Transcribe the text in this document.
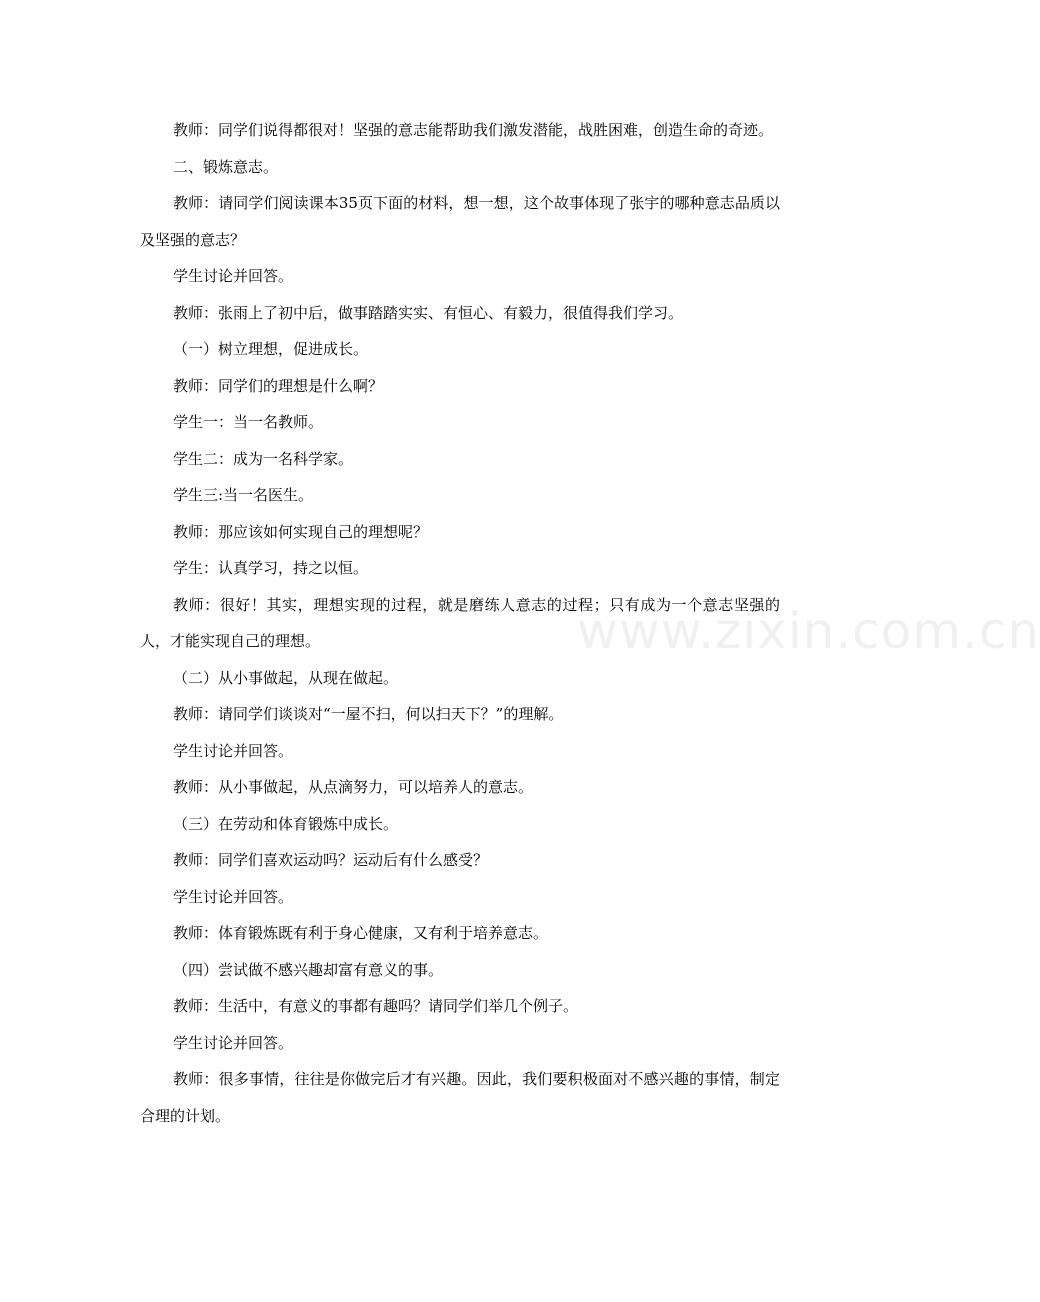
教师：同学们说得都很对！坚强的意志能帮助我们激发潜能，战胜困难，创造生命的奇迹。

二、锻炼意志。

教师：请同学们阅读课本35页下面的材料，想一想，这个故事体现了张宇的哪种意志品质以及坚强的意志？

学生讨论并回答。

教师：张雨上了初中后，做事踏踏实实、有恒心、有毅力，很值得我们学习。

（一）树立理想，促进成长。

教师：同学们的理想是什么啊？

学生一：当一名教师。

学生二：成为一名科学家。

学生三:当一名医生。

教师：那应该如何实现自己的理想呢？

学生：认真学习，持之以恒。

教师：很好！其实，理想实现的过程，就是磨练人意志的过程；只有成为一个意志坚强的人，才能实现自己的理想。

（二）从小事做起，从现在做起。

教师：请同学们谈谈对“一屋不扫，何以扫天下？”的理解。

学生讨论并回答。

教师：从小事做起，从点滴努力，可以培养人的意志。

（三）在劳动和体育锻炼中成长。

教师：同学们喜欢运动吗？运动后有什么感受？

学生讨论并回答。

教师：体育锻炼既有利于身心健康，又有利于培养意志。

（四）尝试做不感兴趣却富有意义的事。

教师：生活中，有意义的事都有趣吗？请同学们举几个例子。

学生讨论并回答。

教师：很多事情，往往是你做完后才有兴趣。因此，我们要积极面对不感兴趣的事情，制定合理的计划。

www.zixin.com.cn
